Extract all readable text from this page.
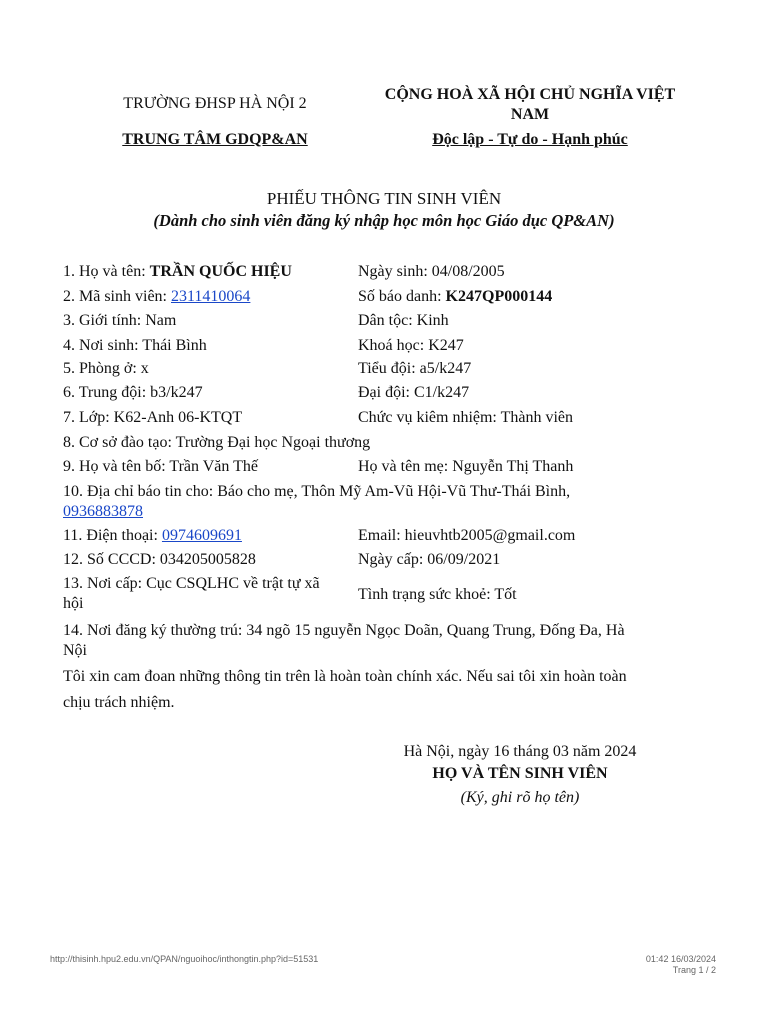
TRƯỜNG ĐHSP HÀ NỘI 2
TRUNG TÂM GDQP&AN
CỘNG HOÀ XÃ HỘI CHỦ NGHĨA VIỆT
NAM
Độc lập - Tự do - Hạnh phúc
PHIẾU THÔNG TIN SINH VIÊN
(Dành cho sinh viên đăng ký nhập học môn học Giáo dục QP&AN)
1. Họ và tên: TRẦN QUỐC HIỆU	Ngày sinh: 04/08/2005
2. Mã sinh viên: 2311410064	Số báo danh: K247QP000144
3. Giới tính: Nam	Dân tộc: Kinh
4. Nơi sinh: Thái Bình	Khoá học: K247
5. Phòng ở: x	Tiểu đội: a5/k247
6. Trung đội: b3/k247	Đại đội: C1/k247
7. Lớp: K62-Anh 06-KTQT	Chức vụ kiêm nhiệm: Thành viên
8. Cơ sở đào tạo: Trường Đại học Ngoại thương
9. Họ và tên bố: Trần Văn Thế	Họ và tên mẹ: Nguyễn Thị Thanh
10. Địa chỉ báo tin cho: Báo cho mẹ, Thôn Mỹ Am-Vũ Hội-Vũ Thư-Thái Bình,
0936883878
11. Điện thoại: 0974609691	Email: hieuvhtb2005@gmail.com
12. Số CCCD: 034205005828	Ngày cấp: 06/09/2021
13. Nơi cấp: Cục CSQLHC về trật tự xã
hội
Tình trạng sức khoẻ: Tốt
14. Nơi đăng ký thường trú: 34 ngõ 15 nguyễn Ngọc Doãn, Quang Trung, Đống Đa, Hà
Nội
Tôi xin cam đoan những thông tin trên là hoàn toàn chính xác. Nếu sai tôi xin hoàn toàn
chịu trách nhiệm.
Hà Nội, ngày 16 tháng 03 năm 2024
HỌ VÀ TÊN SINH VIÊN
(Ký, ghi rõ họ tên)
http://thisinh.hpu2.edu.vn/QPAN/nguoihoc/inthongtin.php?id=51531	01:42 16/03/2024
Trang 1 / 2
